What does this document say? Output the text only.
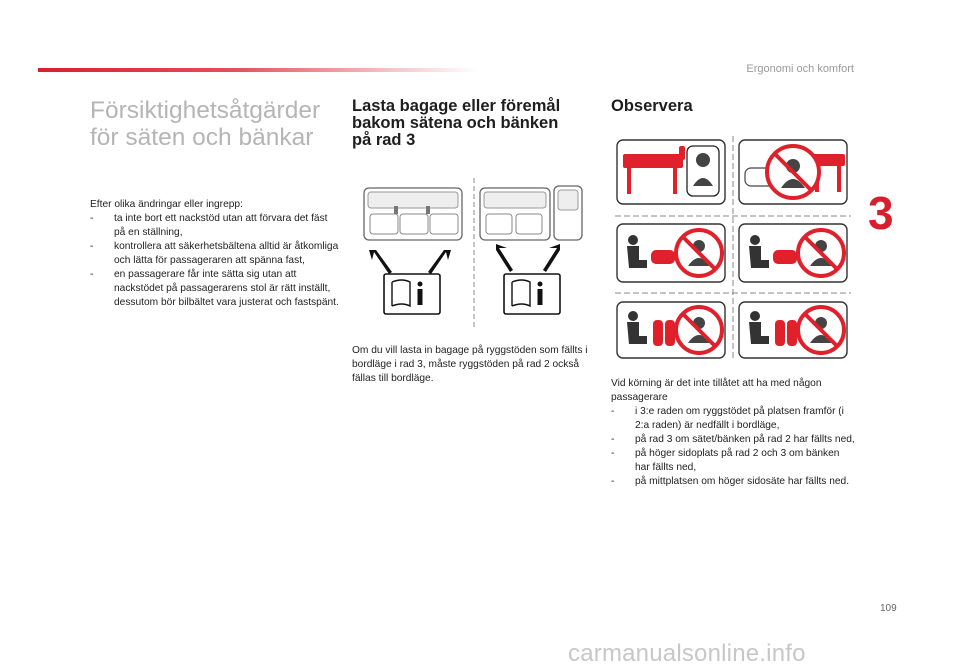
Ergonomi och komfort
3
Försiktighetsåtgärder
för säten och bänkar

Efter olika ändringar eller ingrepp:

- ta inte bort ett nackstöd utan att förvara det fäst på en ställning,
- kontrollera att säkerhetsbältena alltid är åtkomliga och lätta för passageraren att spänna fast,
- en passagerare får inte sätta sig utan att nackstödet på passagerarens stol är rätt inställt, dessutom bör bilbältet vara justerat och fastspänt.
Lasta bagage eller föremål
bakom sätena och bänken
på rad 3

Om du vill lasta in bagage på ryggstöden som fällts i bordläge i rad 3, måste ryggstöden på rad 2 också fällas till bordläge.

Observera

Vid körning är det inte tillåtet att ha med någon passagerare

- i 3:e raden om ryggstödet på platsen framför (i 2:a raden) är nedfällt i bordläge,
- på rad 3 om sätet/bänken på rad 2 har fällts ned,
- på höger sidoplats på rad 2 och 3 om bänken har fällts ned,
- på mittplatsen om höger sidosäte har fällts ned.
109
carmanualsonline.info
